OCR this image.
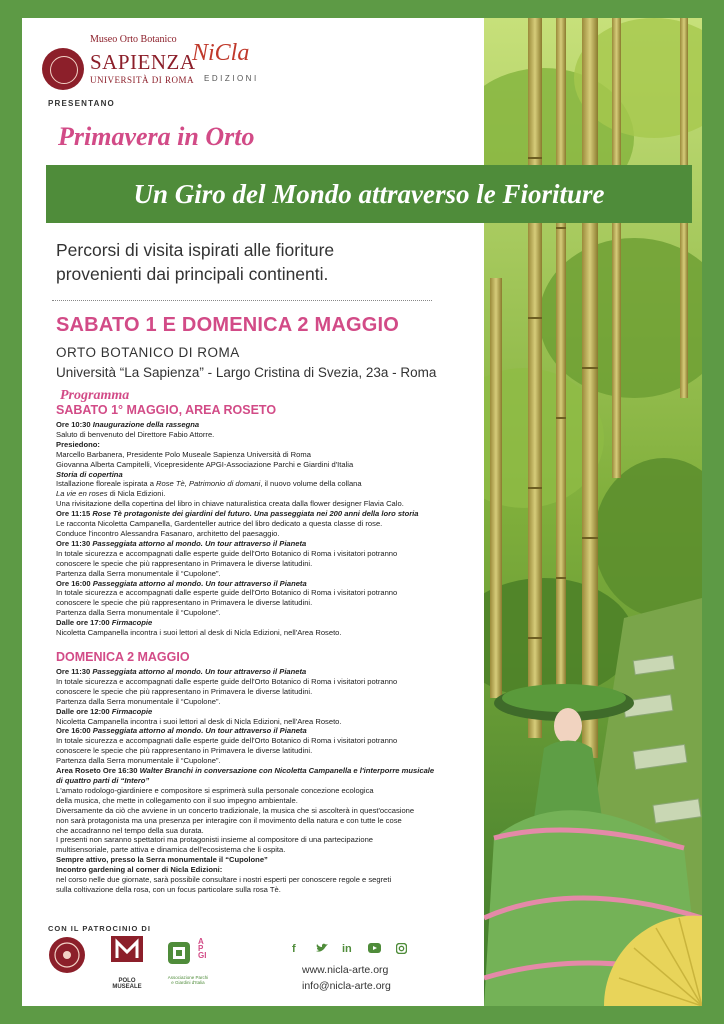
Museo Orto Botanico
SAPIENZA
UNIVERSITÀ DI ROMA
NiCla
EDIZIONI
PRESENTANO
Primavera in Orto
Un Giro del Mondo attraverso le Fioriture
Percorsi di visita ispirati alle fioriture
provenienti dai principali continenti.
SABATO 1 E DOMENICA 2 MAGGIO
ORTO BOTANICO DI ROMA
Università “La Sapienza” - Largo Cristina di Svezia, 23a - Roma
Programma
SABATO 1° MAGGIO, AREA ROSETO
Ore 10:30 Inaugurazione della rassegna
Saluto di benvenuto del Direttore Fabio Attorre.
Presiedono:
Marcello Barbanera, Presidente Polo Museale Sapienza Università di Roma
Giovanna Alberta Campitelli, Vicepresidente APGI-Associazione Parchi e Giardini d'Italia
Storia di copertina
Istallazione floreale ispirata a Rose Tè, Patrimonio di domani, il nuovo volume della collana
La vie en roses di Nicla Edizioni.
Una rivisitazione della copertina del libro in chiave naturalistica creata dalla flower designer Flavia Calo.
Ore 11:15 Rose Tè protagoniste dei giardini del futuro. Una passeggiata nei 200 anni della loro storia
Le racconta Nicoletta Campanella, Gardenteller autrice del libro dedicato a questa classe di rose.
Conduce l'incontro Alessandra Fasanaro, architetto del paesaggio.
Ore 11:30 Passeggiata attorno al mondo. Un tour attraverso il Pianeta
In totale sicurezza e accompagnati dalle esperte guide dell'Orto Botanico di Roma i visitatori potranno
conoscere le specie che più rappresentano in Primavera le diverse latitudini.
Partenza dalla Serra monumentale il “Cupolone”.
Ore 16:00 Passeggiata attorno al mondo. Un tour attraverso il Pianeta
In totale sicurezza e accompagnati dalle esperte guide dell'Orto Botanico di Roma i visitatori potranno
conoscere le specie che più rappresentano in Primavera le diverse latitudini.
Partenza dalla Serra monumentale il “Cupolone”.
Dalle ore 17:00 Firmacopie
Nicoletta Campanella incontra i suoi lettori al desk di Nicla Edizioni, nell'Area Roseto.
DOMENICA 2 MAGGIO
Ore 11:30 Passeggiata attorno al mondo. Un tour attraverso il Pianeta
In totale sicurezza e accompagnati dalle esperte guide dell'Orto Botanico di Roma i visitatori potranno
conoscere le specie che più rappresentano in Primavera le diverse latitudini.
Partenza dalla Serra monumentale il “Cupolone”.
Dalle ore 12:00 Firmacopie
Nicoletta Campanella incontra i suoi lettori al desk di Nicla Edizioni, nell'Area Roseto.
Ore 16:00 Passeggiata attorno al mondo. Un tour attraverso il Pianeta
In totale sicurezza e accompagnati dalle esperte guide dell'Orto Botanico di Roma i visitatori potranno
conoscere le specie che più rappresentano in Primavera le diverse latitudini.
Partenza dalla Serra monumentale il “Cupolone”.
Area Roseto Ore 16:30 Walter Branchi in conversazione con Nicoletta Campanella e l'interporre musicale
di quattro parti di “Intero”
L'amato rodologo-giardiniere e compositore si esprimerà sulla personale concezione ecologica
della musica, che mette in collegamento con il suo impegno ambientale.
Diversamente da ciò che avviene in un concerto tradizionale, la musica che si ascolterà in quest'occasione
non sarà protagonista ma una presenza per interagire con il movimento della natura e con tutte le cose
che accadranno nel tempo della sua durata.
I presenti non saranno spettatori ma protagonisti insieme al compositore di una partecipazione
multisensoriale, parte attiva e dinamica dell'ecosistema che li ospita.
Sempre attivo, presso la Serra monumentale il “Cupolone”
Incontro gardening al corner di Nicla Edizioni:
nel corso nelle due giornate, sarà possibile consultare i nostri esperti per conoscere regole e segreti
sulla coltivazione della rosa, con un focus particolare sulla rosa Tè.
CON IL PATROCINIO DI
POLO MUSEALE
APGI
Associazione Parchi
e Giardini d'Italia
f	in
www.nicla-arte.org
info@nicla-arte.org
